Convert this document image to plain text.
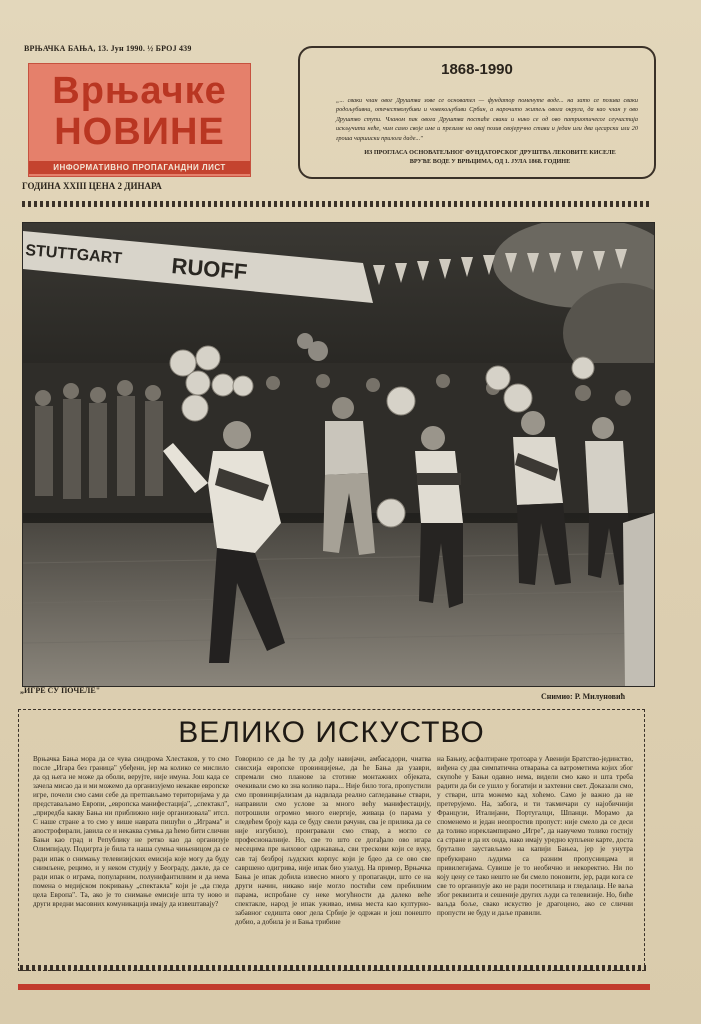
ВРЊАЧКА БАЊА, 13. Јун 1990. ½ БРОЈ 439
Врњачке
НОВИНЕ
ИНФОРМАТИВНО ПРОПАГАНДНИ ЛИСТ
ГОДИНА XXIII ЦЕНА 2 ДИНАРА
1868-1990
„... сваки члан овог Друштва зове се основател — фундатор поменуте воде... на зато се позива сваки родољубивни, отечестволубиви и човекољубиви Србин, а нарочито житељ овога округа, да као члан у ово Друштво ступи. Чланом пак овога Друштва постаће сваки и нико се од ово патриотичесог сеучастија искључити неће, чим само своје име и презиме на овај позив својеручно стави и један или два цесарски или 20 гроша чаршиски прилога даде..."
ИЗ ПРОГЛАСА ОСНОВАТЕЉНОГ ФУНДАТОРСКОГ ДРУШТВА ЛЕКОВИТЕ КИСЕЛЕ ВРУЋЕ ВОДЕ У ВРЊЦИМА, ОД 1. ЈУЛА 1868. ГОДИНЕ
STUTTGART RUOFF
„ИГРЕ СУ ПОЧЕЛЕ"
Снимио: Р. Милуновић
ВЕЛИКО ИСКУСТВО

Врњачка Бања мора да се чува синдрома Хлестаков, у то смо после „Игара без граница" убеђени, јер ма колико се мислило да од њега не може да оболи, верујте, није имуна. Још када се зачела мисао да и ми можемо да организујемо некакве европске игре, почели смо сами себе да претпављамо територијама у да представаљамо Европи, „европска манифестација", „спектакл", „приредба какву Бања ни приближно није организовала" итсл. С наше стране а то смо у више навратa пишући о „Играма" и апострофирали, јавила се и некаква сумња да ћемо бити слични Бањи као град и Републику не ретко као да организује Олимпијаду. Подигрта је била та наша сумња чињеницом да се ради ипак о снимању телевизијских емисија које могу да буду снимљене, рецимо, и у неком студију у Београду, дакле, да се ради ипак о играма, популарним, полунифантилним и да нема помена о медијском покривању „спектакла" који је „да гледа цела Европа". Та, ако је то снимање емисије шта ту ново и други вредни масовних комуникација имају да извештавају?

Говорило се да ће ту да дођу навијачи, амбасадори, чиатва снисхија европске провинцијење, да ће Бања да узаври, спремали смо планове за стотине монтажних објеката, очекивали смо ко зна колико пара... Није било тога, пропустили смо провинцијализам да надвлада реално сагледавање ствари, направили смо услове за много већу манифестацију, потрошили огромно много енергије, живаца (о парама у следећем броју када се буду свели рачуни, сва је прилика да се није изгубило), проигравали смо ствар, а могло се професионалније. Но, све то што се догађало ово игара месецима пре њиховог одржавања, сви трескови који се вуку, сав тај безброј људских корпус који је бдео да се ово све савршено одигрива, није ипак био узалуд. На пример, Врњачка Бања је ипак добила извесно много у пропаганди, што се на други начин, никако није могло постићи сем пребилним парама, испробане су неке могућности да далеко веће спектакле, народ је ипак уживао, имна места као културно-забавног седишта овог дела Србије је одржан и још понешто добио, а добила је и Бања трибине

на Бањиу, асфалтиране тротоара у Авенији Братство-јединство, виђена су два симпатична отварања са ватрометима којих због скупоће у Бањи одавно нема, видели смо како и шта треба радити да би се ушло у богатији и захтевни свет. Доказали смо, у ствари, шта можемо кад хоћемо. Само је важно да не претерујемо. На, забога, и ти такмичари су најобичнији Французи, Италијани, Португалци, Шпанци. Морамо да споменемо и један неопростив пропуст: није смело да се деси да толико изреклампирамо „Игре", да навучемо толико гостију са стране и да их онда, иако имају уредно купљене карте, доста брутално заустављамо на капији Бањеа, јер је унутра пребукирано људима са разним пропусницама и привилегијама. Сувише је то необично и некоректно. Ни по коју цену се тако нешто не би смело поновити, јер, ради кога се све то организује ако не ради посетилаца и гледалаца. Не ваља због реквизита и сешеније других људи са телевизије. Но, биће ваљда боље, свако искуство је драгоцено, ако се слични пропусти не буду и даље правили.
